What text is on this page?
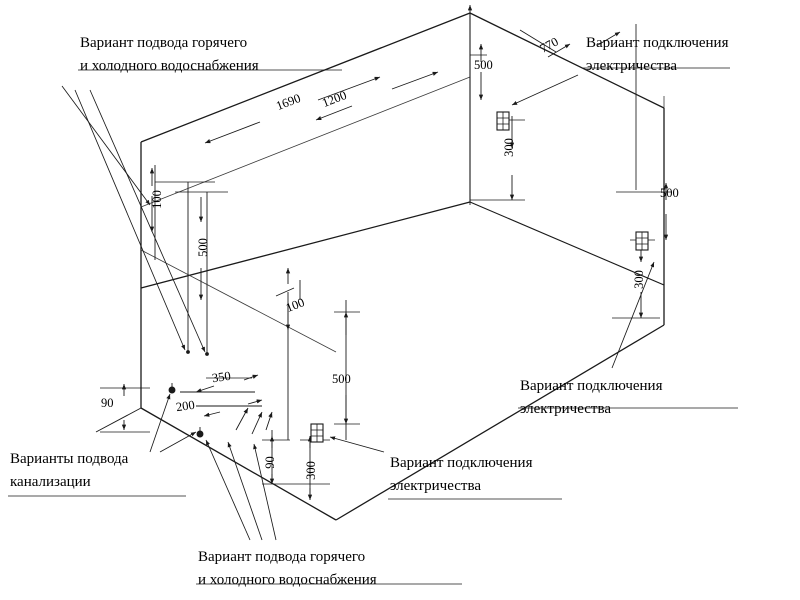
Вариант подвода горячего
и холодного водоснабжения
Вариант подключения
электричества
Вариант подключения
электричества
Вариант подключения
электричества
Варианты подвода
канализации
Вариант подвода горячего
и холодного водоснабжения
1690 1200
500
770
300
500
300
100
500
100
500
90
350
200
90 300
